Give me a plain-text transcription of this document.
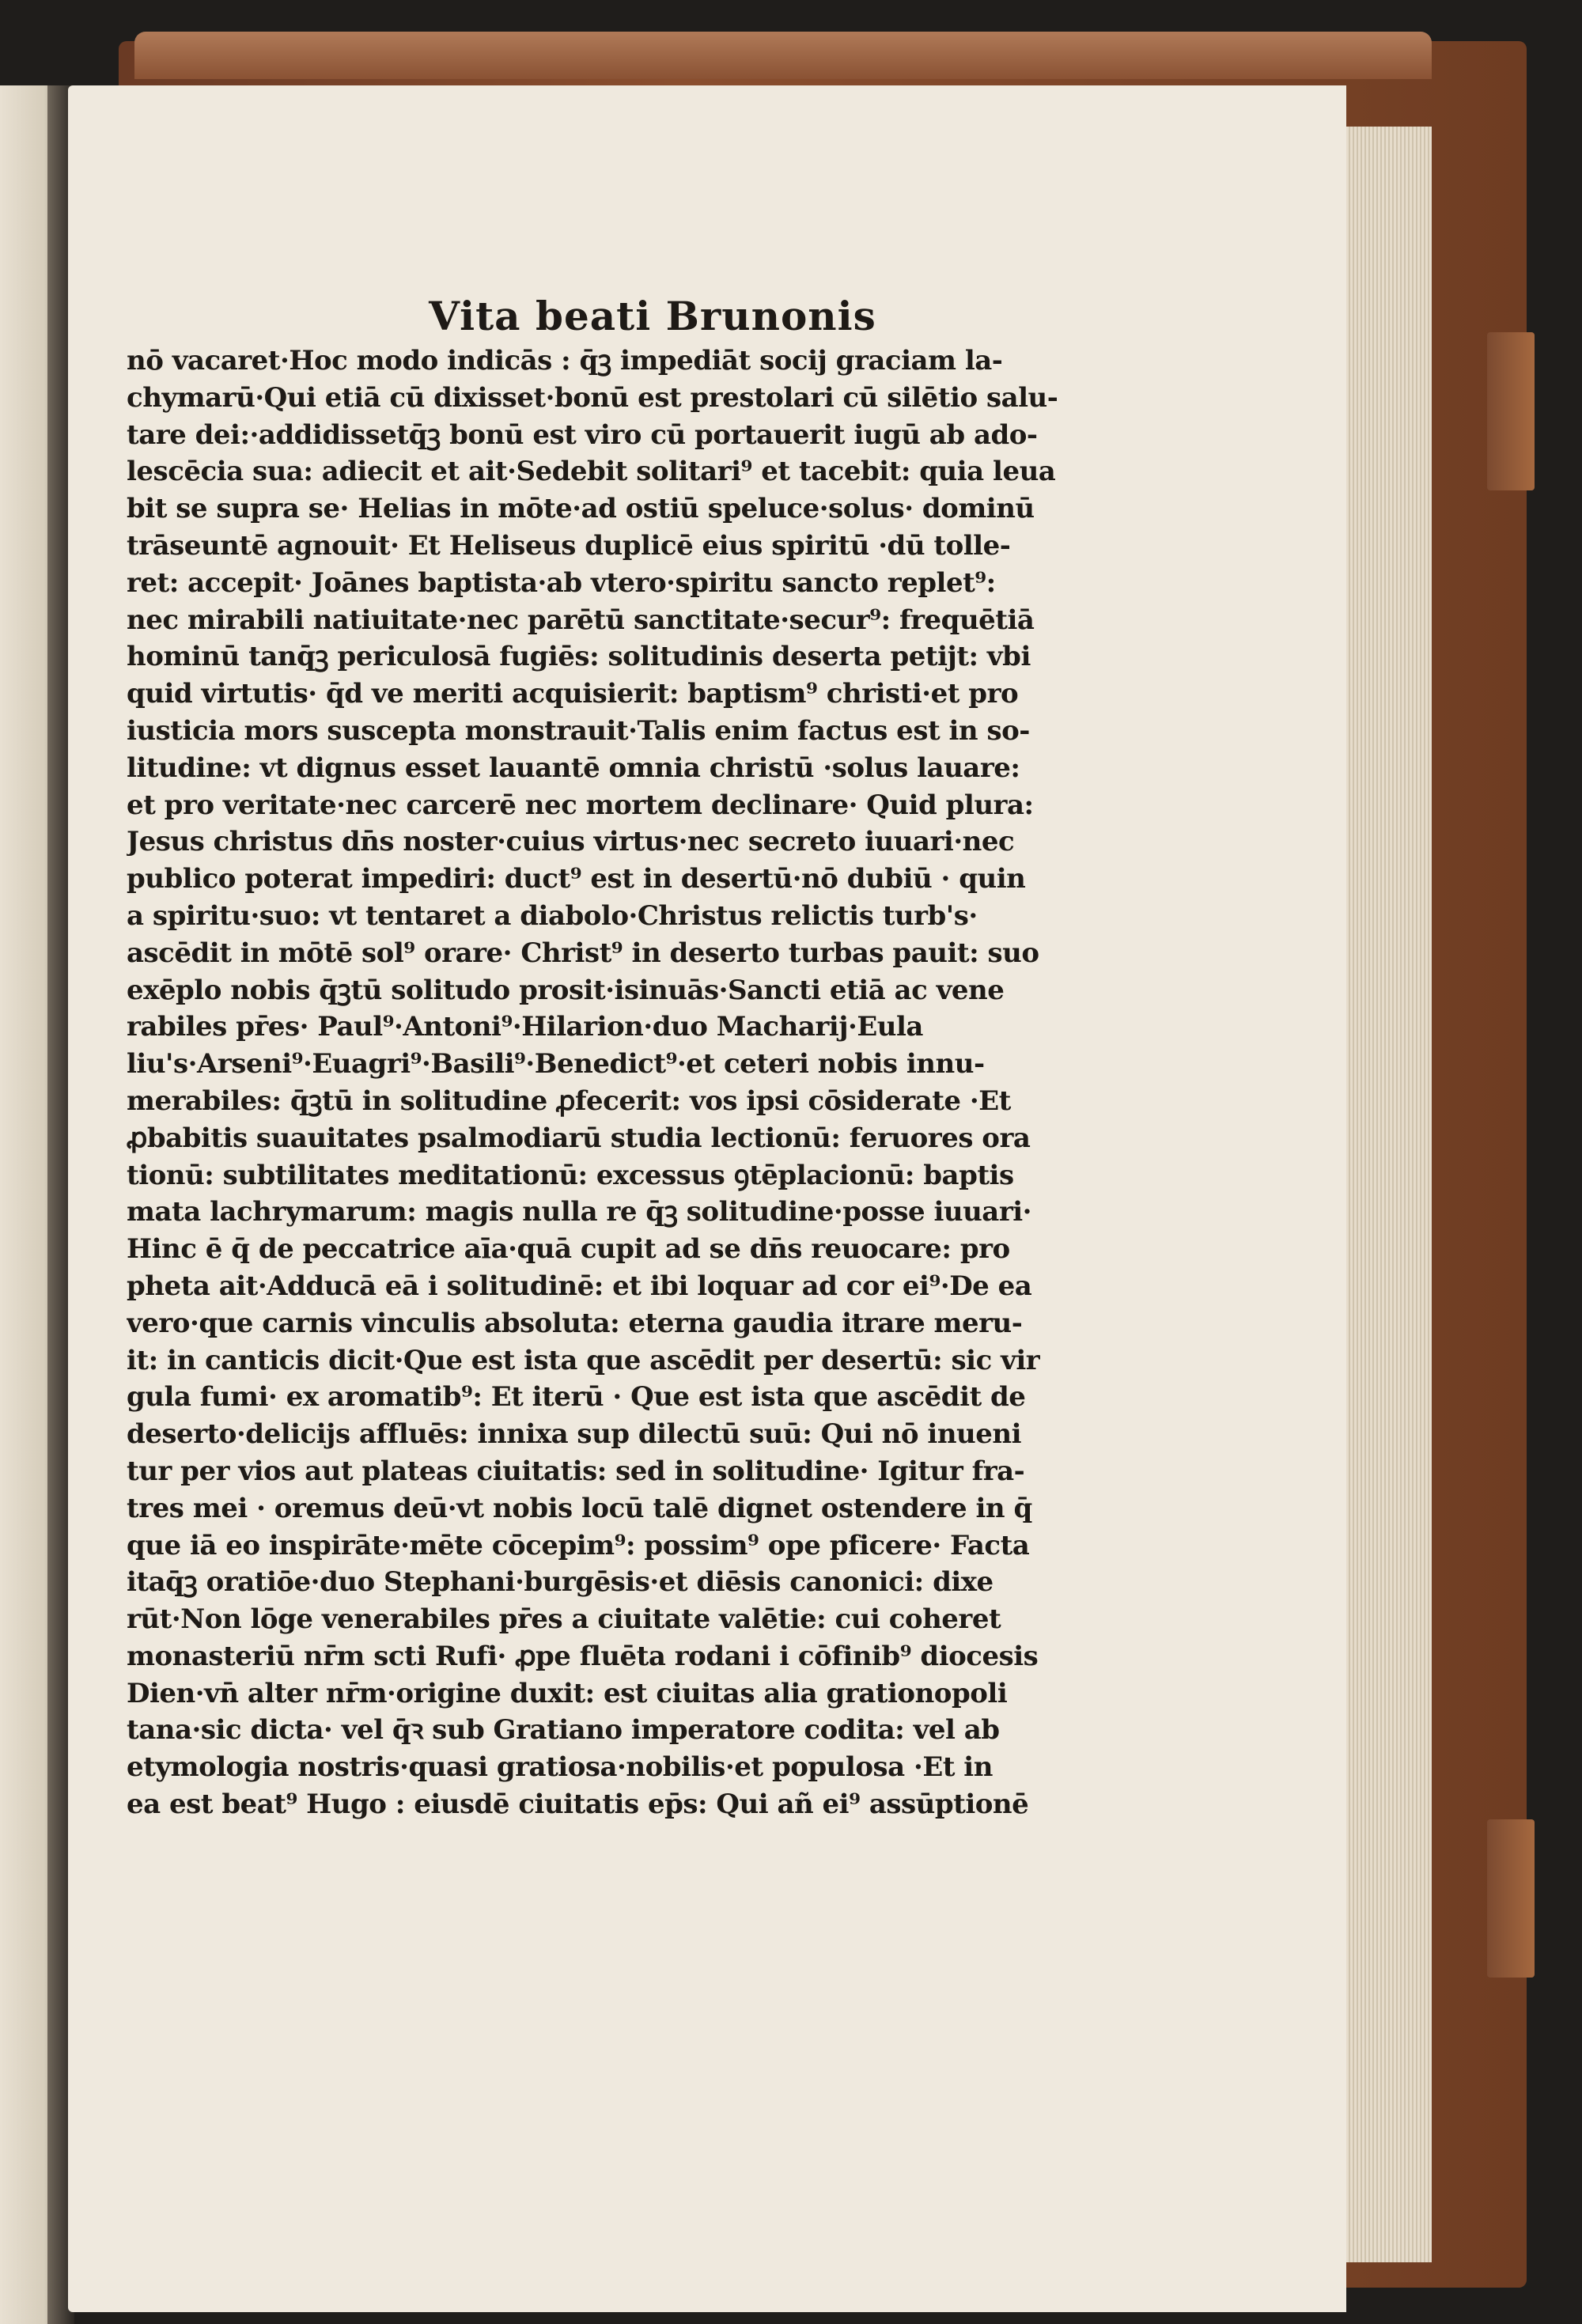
Vita beati Brunonis
nō vacaret·Hoc modo indicās : q̄ꝫ impediāt socij graciam la-
chymarū·Qui etiā cū dixisset·bonū est prestolari cū silētio salu-
tare dei:·addidissetq̄ꝫ bonū est viro cū portauerit iugū ab ado-
lescēcia sua: adiecit et ait·Sedebit solitari⁹ et tacebit: quia leua
bit se supra se· Helias in mōte·ad ostiū speluce·solus· dominū
trāseuntē agnouit· Et Heliseus duplicē eius spiritū ·dū tolle-
ret: accepit· Joānes baptista·ab vtero·spiritu sancto replet⁹:
nec mirabili natiuitate·nec parētū sanctitate·secur⁹: frequētiā
hominū tanq̄ꝫ periculosā fugiēs: solitudinis deserta petijt: vbi
quid virtutis· q̄d ve meriti acquisierit: baptism⁹ christi·et pro
iusticia mors suscepta monstrauit·Talis enim factus est in so-
litudine: vt dignus esset lauantē omnia christū ·solus lauare:
et pro veritate·nec carcerē nec mortem declinare· Quid plura:
Jesus christus dn̄s noster·cuius virtus·nec secreto iuuari·nec
publico poterat impediri: duct⁹ est in desertū·nō dubiū · quin
a spiritu·suo: vt tentaret a diabolo·Christus relictis turb's·
ascēdit in mōtē sol⁹ orare· Christ⁹ in deserto turbas pauit: suo
exēplo nobis q̄ꝫtū solitudo prosit·isinuās·Sancti etiā ac vene
rabiles pr̄es· Paul⁹·Antoni⁹·Hilarion·duo Macharij·Eula
liu's·Arseni⁹·Euagri⁹·Basili⁹·Benedict⁹·et ceteri nobis innu-
merabiles: q̄ꝫtū in solitudine ꝓfecerit: vos ipsi cōsiderate ·Et
ꝓbabitis suauitates psalmodiarū studia lectionū: feruores ora
tionū: subtilitates meditationū: excessus ꝯtēplacionū: baptis
mata lachrymarum: magis nulla re q̄ꝫ solitudine·posse iuuari·
Hinc ē q̄ de peccatrice aīa·quā cupit ad se dn̄s reuocare: pro
pheta ait·Adducā eā i solitudinē: et ibi loquar ad cor ei⁹·De ea
vero·que carnis vinculis absoluta: eterna gaudia itrare meru-
it: in canticis dicit·Que est ista que ascēdit per desertū: sic vir
gula fumi· ex aromatib⁹: Et iterū · Que est ista que ascēdit de
deserto·delicijs affluēs: innixa sup dilectū suū: Qui nō inueni
tur per vios aut plateas ciuitatis: sed in solitudine· Igitur fra-
tres mei · oremus deū·vt nobis locū talē dignet ostendere in q̄
que iā eo inspirāte·mēte cōcepim⁹: possim⁹ ope pficere· Facta
itaq̄ꝫ oratiōe·duo Stephani·burgēsis·et diēsis canonici: dixe
rūt·Non lōge venerabiles pr̄es a ciuitate valētie: cui coheret
monasteriū nr̄m scti Rufi· ꝓpe fluēta rodani i cōfinib⁹ diocesis
Dien·vn̄ alter nr̄m·origine duxit: est ciuitas alia grationopoli
tana·sic dicta· vel q̄ꝛ sub Gratiano imperatore codita: vel ab
etymologia nostris·quasi gratiosa·nobilis·et populosa ·Et in
ea est beat⁹ Hugo : eiusdē ciuitatis ep̄s: Qui añ ei⁹ assūptionē
